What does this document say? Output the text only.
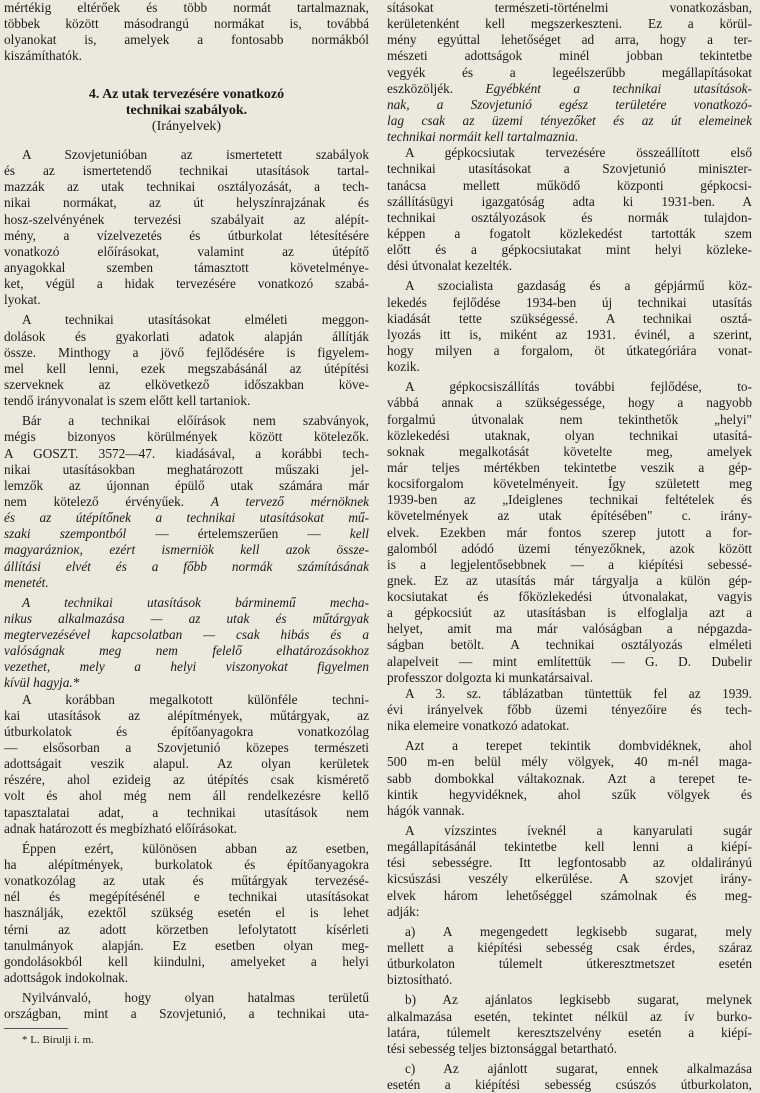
mértékig eltérőek és több normát tartalmaznak,
többek között másodrangú normákat is, továbbá
olyanokat is, amelyek a fontosabb normákból
kiszámíthatók.
4. Az utak tervezésére vonatkozó
technikai szabályok.
(Irányelvek)
A Szovjetunióban az ismertetett szabályok
és az ismertetendő technikai utasítások tartal-
mazzák az utak technikai osztályozását, a tech-
nikai normákat, az út helyszínrajzának és
hosz-szelvényének tervezési szabályait az alépít-
mény, a vízelvezetés és útburkolat létesítésére
vonatkozó előírásokat, valamint az útépítő
anyagokkal szemben támasztott követelménye-
ket, végül a hidak tervezésére vonatkozó szabá-
lyokat.
A technikai utasításokat elméleti meggon-
dolások és gyakorlati adatok alapján állítják
össze. Minthogy a jövő fejlődésére is figyelem-
mel kell lenni, ezek megszabásánál az útépítési
szerveknek az elkövetkező időszakban köve-
tendő irányvonalat is szem előtt kell tartaniok.
Bár a technikai előírások nem szabványok,
mégis bizonyos körülmények között kötelezők.
A GOSZT. 3572—47. kiadásával, a korábbi tech-
nikai utasításokban meghatározott műszaki jel-
lemzők az újonnan épülő utak számára már
nem kötelező érvényűek. A tervező mérnöknek
és az útépítőnek a technikai utasításokat mű-
szaki szempontból — értelemszerűen — kell
magyaráznioк, ezért ismerniök kell azok össze-
állítási elvét és a főbb normák számításának
menetét.
A technikai utasítások bárminemű mecha-
nikus alkalmazása — az utak és műtárgyak
megtervezésével kapcsolatban — csak hibás és a
valóságnak meg nem felelő elhatározásokhoz
vezethet, mely a helyi viszonyokat figyelmen
kívül hagyja.*
A korábban megalkotott különféle techni-
kai utasítások az alépítmények, műtárgyak, az
útburkolatok és építőanyagokra vonatkozólag
— elsősorban a Szovjetunió közepes természeti
adottságait veszik alapul. Az olyan kerületek
részére, ahol ezideig az útépítés csak kismérető
volt és ahol még nem áll rendelkezésre kellő
tapasztalatai adat, a technikai utasítások nem
adnak határozott és megbízható előírásokat.
Éppen ezért, különösen abban az esetben,
ha alépítmények, burkolatok és építőanyagokra
vonatkozólag az utak és műtárgyak tervezésé-
nél és megépítésénél e technikai utasításokat
használják, ezektől szükség esetén el is lehet
térni az adott körzetben lefolytatott kísérleti
tanulmányok alapján. Ez esetben olyan meg-
gondolásokból kell kiindulni, amelyeket a helyi
adottságok indokolnak.
Nyilvánvaló, hogy olyan hatalmas területű
országban, mint a Szovjetunió, a technikai uta-
* L. Birulji i. m.
sításokat természeti-történelmi vonatkozásban,
kerületenként kell megszerkeszteni. Ez a körül-
mény egyúttal lehetőséget ad arra, hogy a ter-
mészeti adottságok minél jobban tekintetbe
vegyék és a legeélszerűbb megállapításokat
eszközöljék. Egyébként a technikai utasítások-
nak, a Szovjetunió egész területére vonatkozó-
lag csak az üzemi tényezőket és az út elemeinek
technikai normáit kell tartalmazniа.
A gépkocsiutak tervezésére összeállított első
technikai utasításokat a Szovjetunió miniszter-
tanácsa mellett működő központi gépkocsi-
szállításügyi igazgatóság adta ki 1931-ben. A
technikai osztályozások és normák tulajdon-
képpen a fogatolt közlekedést tartották szem
előtt és a gépkocsiutakat mint helyi közleke-
dési útvonalat kezelték.
A szocialista gazdaság és a gépjármű köz-
lekedés fejlődése 1934-ben új technikai utasítás
kiadását tette szükségessé. A technikai osztá-
lyozás itt is, miként az 1931. évinél, a szerint,
hogy milyen a forgalom, öt útkategóriára vonat-
kozik.
A gépkocsiszállítás további fejlődése, to-
vábbá annak a szükségessége, hogy a nagyobb
forgalmú útvonalak nem tekinthetők „helyi"
közlekedési utaknak, olyan technikai utasítá-
soknak megalkotását követelte meg, amelyek
már teljes mértékben tekintetbe veszik a gép-
kocsiforgalom követelményeit. Így született meg
1939-ben az „Ideiglenes technikai feltételek és
követelmények az utak építésében" c. irány-
elvek. Ezekben már fontos szerep jutott a for-
galomból adódó üzemi tényezőknek, azok között
is a legjelentősebbnek — a kiépítési sebessé-
gnek. Ez az utasítás már tárgyalja a külön gép-
kocsiutakat és főközlekedési útvonalakat, vagyis
a gépkocsiút az utasításban is elfoglalja azt a
helyet, amit ma már valóságban a népgazda-
ságban betölt. A technikai osztályozás elméleti
alapelveit — mint említettük — G. D. Dubelir
professzor dolgozta ki munkatársaival.
A 3. sz. táblázatban tüntettük fel az 1939.
évi irányelvek főbb üzemi tényezőire és tech-
nika elemeire vonatkozó adatokat.
Azt a terepet tekintik dombvidéknek, ahol
500 m-en belül mély völgyek, 40 m-nél maga-
sabb dombokkal váltakoznak. Azt a terepet te-
kintik hegyvidéknek, ahol szűk völgyek és
hágók vannak.
A vízszintes íveknél a kanyarulati sugár
megállapításánál tekintetbe kell lenni a kiépí-
tési sebességre. Itt legfontosabb az oldalirányú
kicsúszási veszély elkerülése. A szovjet irány-
elvek három lehetőséggel számolnak és meg-
adják:
a) A megengedett legkisebb sugarat, mely
mellett a kiépítési sebesség csak érdes, száraz
útburkolaton túlemelt útkeresztmetszet esetén
biztosítható.
b) Az ajánlatos legkisebb sugarat, melynek
alkalmazása esetén, tekintet nélkül az ív burko-
latára, túlemelt keresztszelvény esetén a kiépí-
tési sebesség teljes biztonsággal betartható.
c) Az ajánlott sugarat, ennek alkalmazása
esetén a kiépítési sebesség csúszós útburkolaton,
